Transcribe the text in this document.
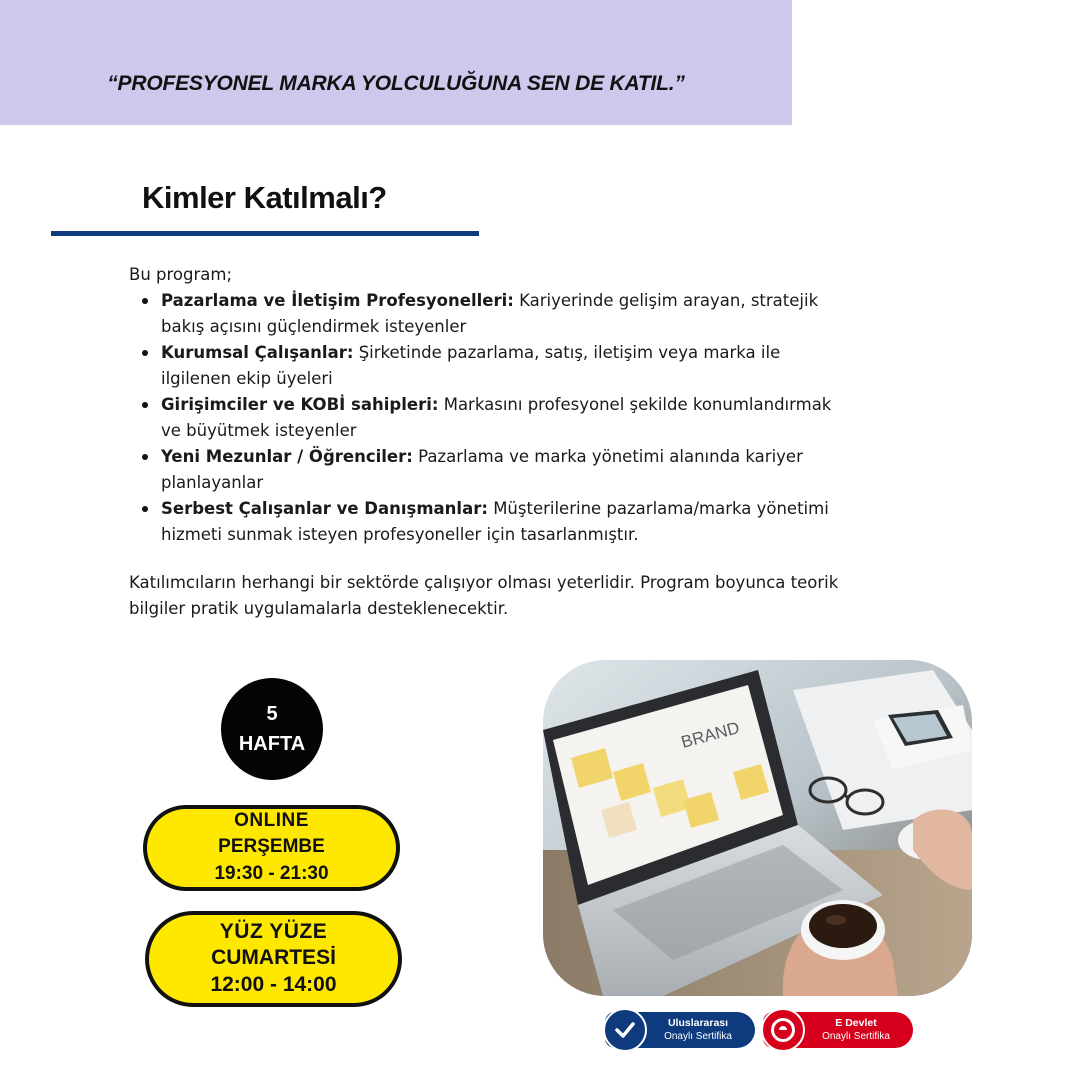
“PROFESYONEL MARKA YOLCULUĞUNA SEN DE KATIL.”
Kimler Katılmalı?
Bu program;
Pazarlama ve İletişim Profesyonelleri: Kariyerinde gelişim arayan, stratejik bakış açısını güçlendirmek isteyenler
Kurumsal Çalışanlar: Şirketinde pazarlama, satış, iletişim veya marka ile ilgilenen ekip üyeleri
Girişimciler ve KOBİ sahipleri: Markasını profesyonel şekilde konumlandırmak ve büyütmek isteyenler
Yeni Mezunlar / Öğrenciler: Pazarlama ve marka yönetimi alanında kariyer planlayanlar
Serbest Çalışanlar ve Danışmanlar: Müşterilerine pazarlama/marka yönetimi hizmeti sunmak isteyen profesyoneller için tasarlanmıştır.
Katılımcıların herhangi bir sektörde çalışıyor olması yeterlidir. Program boyunca teorik bilgiler pratik uygulamalarla desteklenecektir.
5
HAFTA
ONLINE
PERŞEMBE
19:30 - 21:30
YÜZ YÜZE
CUMARTESİ
12:00 - 14:00
BRAND
Uluslararası
Onaylı Sertifika
E Devlet
Onaylı Sertifika
